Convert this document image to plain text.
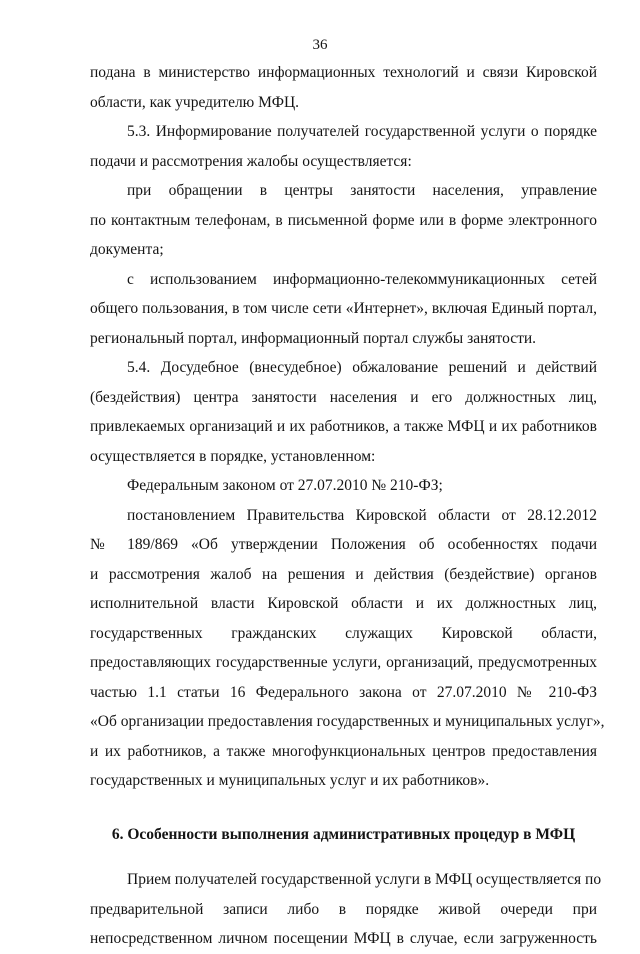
36
подана в министерство информационных технологий и связи Кировской
области, как учредителю МФЦ.
5.3. Информирование получателей государственной услуги о порядке
подачи и рассмотрения жалобы осуществляется:
при обращении в центры занятости населения, управление
по контактным телефонам, в письменной форме или в форме электронного
документа;
с использованием информационно-телекоммуникационных сетей
общего пользования, в том числе сети «Интернет», включая Единый портал,
региональный портал, информационный портал службы занятости.
5.4. Досудебное (внесудебное) обжалование решений и действий
(бездействия) центра занятости населения и его должностных лиц,
привлекаемых организаций и их работников, а также МФЦ и их работников
осуществляется в порядке, установленном:
Федеральным законом от 27.07.2010 № 210-ФЗ;
постановлением Правительства Кировской области от 28.12.2012
№ 189/869 «Об утверждении Положения об особенностях подачи
и рассмотрения жалоб на решения и действия (бездействие) органов
исполнительной власти Кировской области и их должностных лиц,
государственных гражданских служащих Кировской области,
предоставляющих государственные услуги, организаций, предусмотренных
частью 1.1 статьи 16 Федерального закона от 27.07.2010 № 210-ФЗ
«Об организации предоставления государственных и муниципальных услуг»,
и их работников, а также многофункциональных центров предоставления
государственных и муниципальных услуг и их работников».
6. Особенности выполнения административных процедур в МФЦ
Прием получателей государственной услуги в МФЦ осуществляется по
предварительной записи либо в порядке живой очереди при
непосредственном личном посещении МФЦ в случае, если загруженность
